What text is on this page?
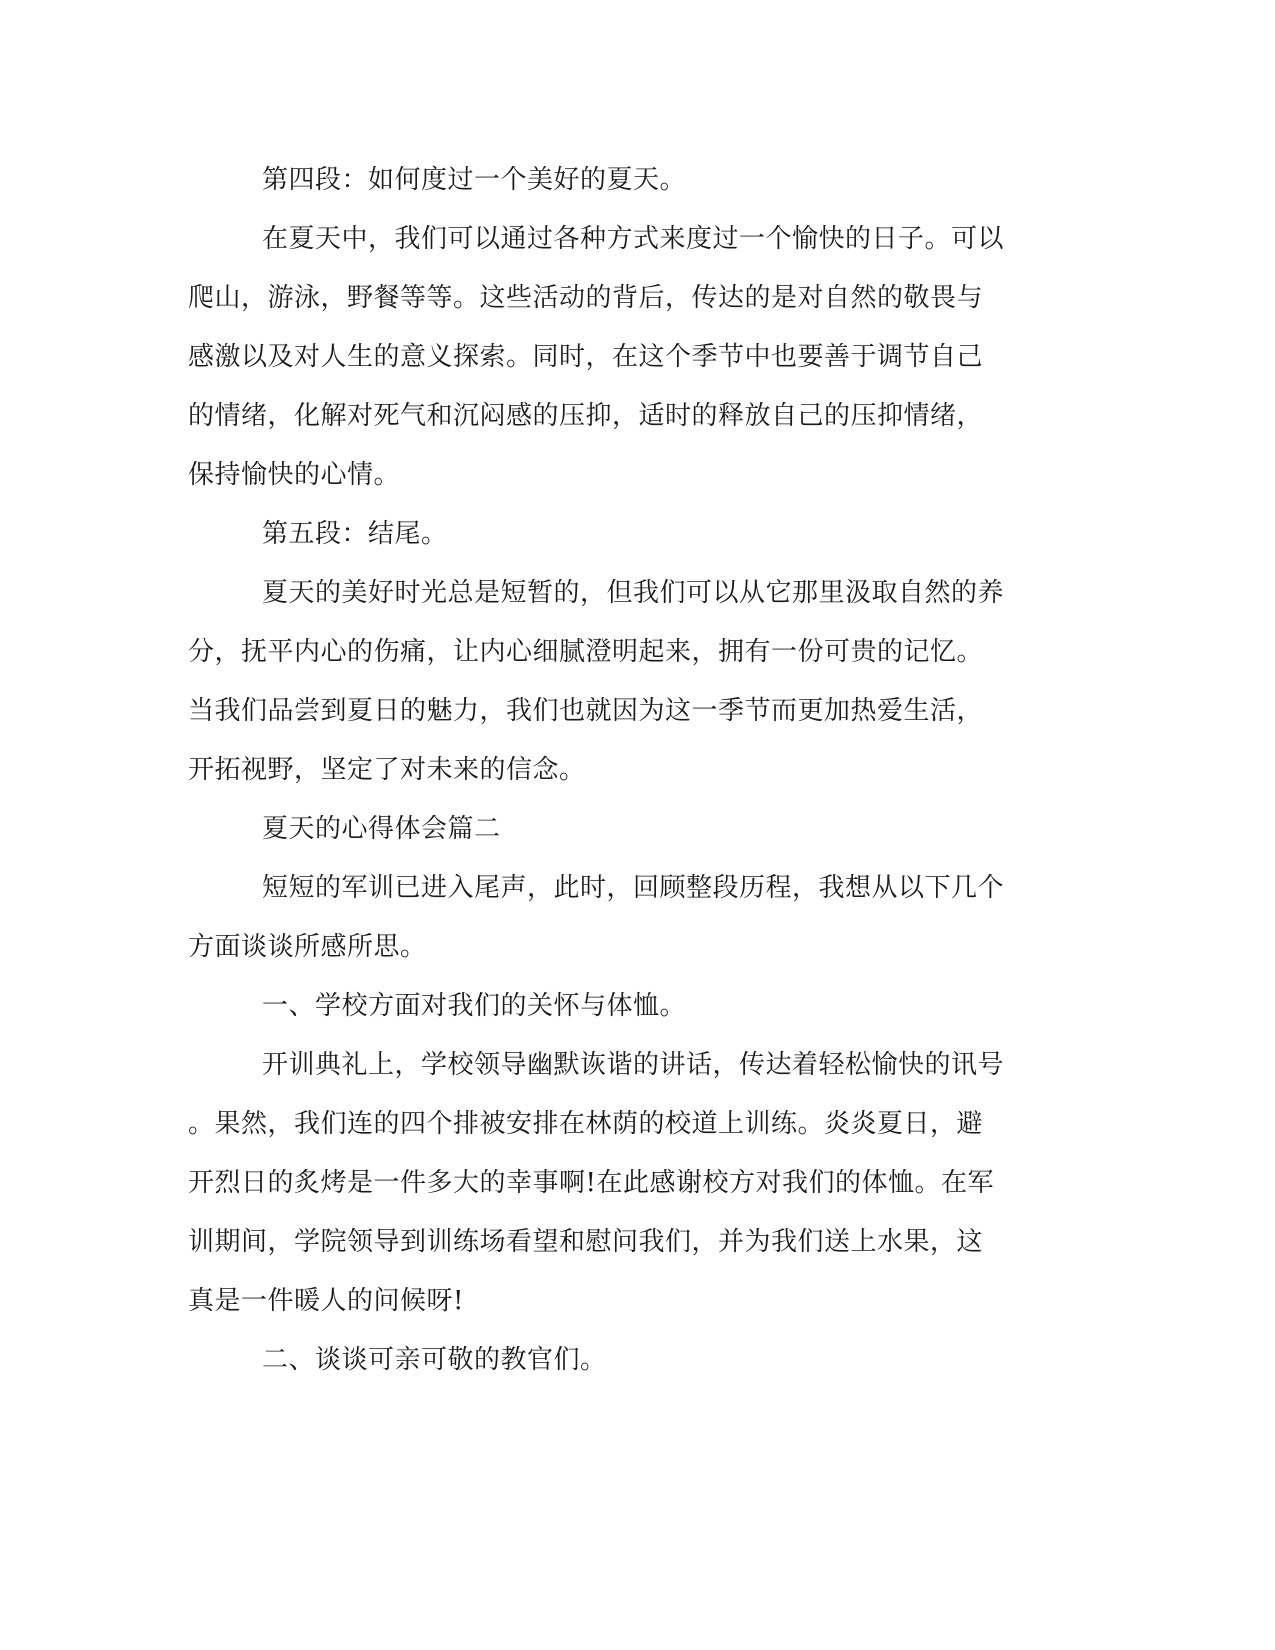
第四段：如何度过一个美好的夏天。
在夏天中，我们可以通过各种方式来度过一个愉快的日子。可以
爬山，游泳，野餐等等。这些活动的背后，传达的是对自然的敬畏与
感激以及对人生的意义探索。同时，在这个季节中也要善于调节自己
的情绪，化解对死气和沉闷感的压抑，适时的释放自己的压抑情绪，
保持愉快的心情。
第五段：结尾。
夏天的美好时光总是短暂的，但我们可以从它那里汲取自然的养
分，抚平内心的伤痛，让内心细腻澄明起来，拥有一份可贵的记忆。
当我们品尝到夏日的魅力，我们也就因为这一季节而更加热爱生活，
开拓视野，坚定了对未来的信念。
夏天的心得体会篇二
短短的军训已进入尾声，此时，回顾整段历程，我想从以下几个
方面谈谈所感所思。
一、学校方面对我们的关怀与体恤。
开训典礼上，学校领导幽默诙谐的讲话，传达着轻松愉快的讯号
。果然，我们连的四个排被安排在林荫的校道上训练。炎炎夏日，避
开烈日的炙烤是一件多大的幸事啊!在此感谢校方对我们的体恤。在军
训期间，学院领导到训练场看望和慰问我们，并为我们送上水果，这
真是一件暖人的问候呀!
二、谈谈可亲可敬的教官们。
